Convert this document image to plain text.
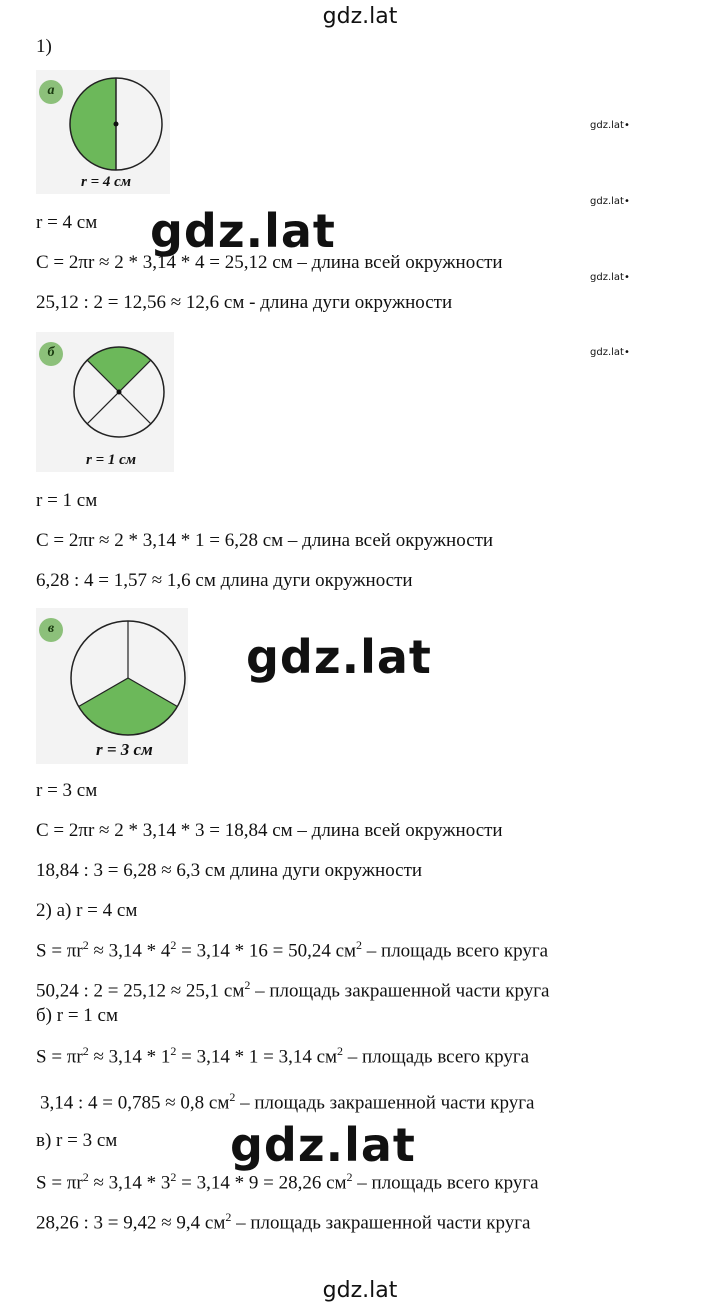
gdz.lat
gdz.lat•
gdz.lat•
gdz.lat•
gdz.lat•
gdz.lat
gdz.lat
gdz.lat
gdz.lat
1)
а
r = 4 см
r = 4 см
C = 2πr ≈ 2 * 3,14 * 4 = 25,12 см – длина всей окружности
25,12 : 2 = 12,56 ≈ 12,6 см - длина дуги окружности
б
r = 1 см
r = 1 см
C = 2πr ≈ 2 * 3,14 * 1 = 6,28 см – длина всей окружности
6,28 : 4 = 1,57 ≈ 1,6 см длина дуги окружности
в
r = 3 см
r = 3 см
C = 2πr ≈ 2 * 3,14 * 3 = 18,84 см – длина всей окружности
18,84 : 3 = 6,28 ≈ 6,3 см длина дуги окружности
2) а) r = 4 см
$S = \pi r^2 \approx 3,14 * 4^2 = 3,14 * 16 = 50,24$ $см^2$ – площадь всего круга
50,24 : 2 = 25,12 ≈ 25,1 $см^2$ – площадь закрашенной части круга
б) r = 1 см
$S = \pi r^2 \approx 3,14 * 1^2 = 3,14 * 1 = 3,14$ $см^2$ – площадь всего круга
3,14 : 4 = 0,785 ≈ 0,8 $см^2$ – площадь закрашенной части круга
в) r = 3 см
$S = \pi r^2 \approx 3,14 * 3^2 = 3,14 * 9 = 28,26$ $см^2$ – площадь всего круга
28,26 : 3 = 9,42 ≈ 9,4 $см^2$ – площадь закрашенной части круга
